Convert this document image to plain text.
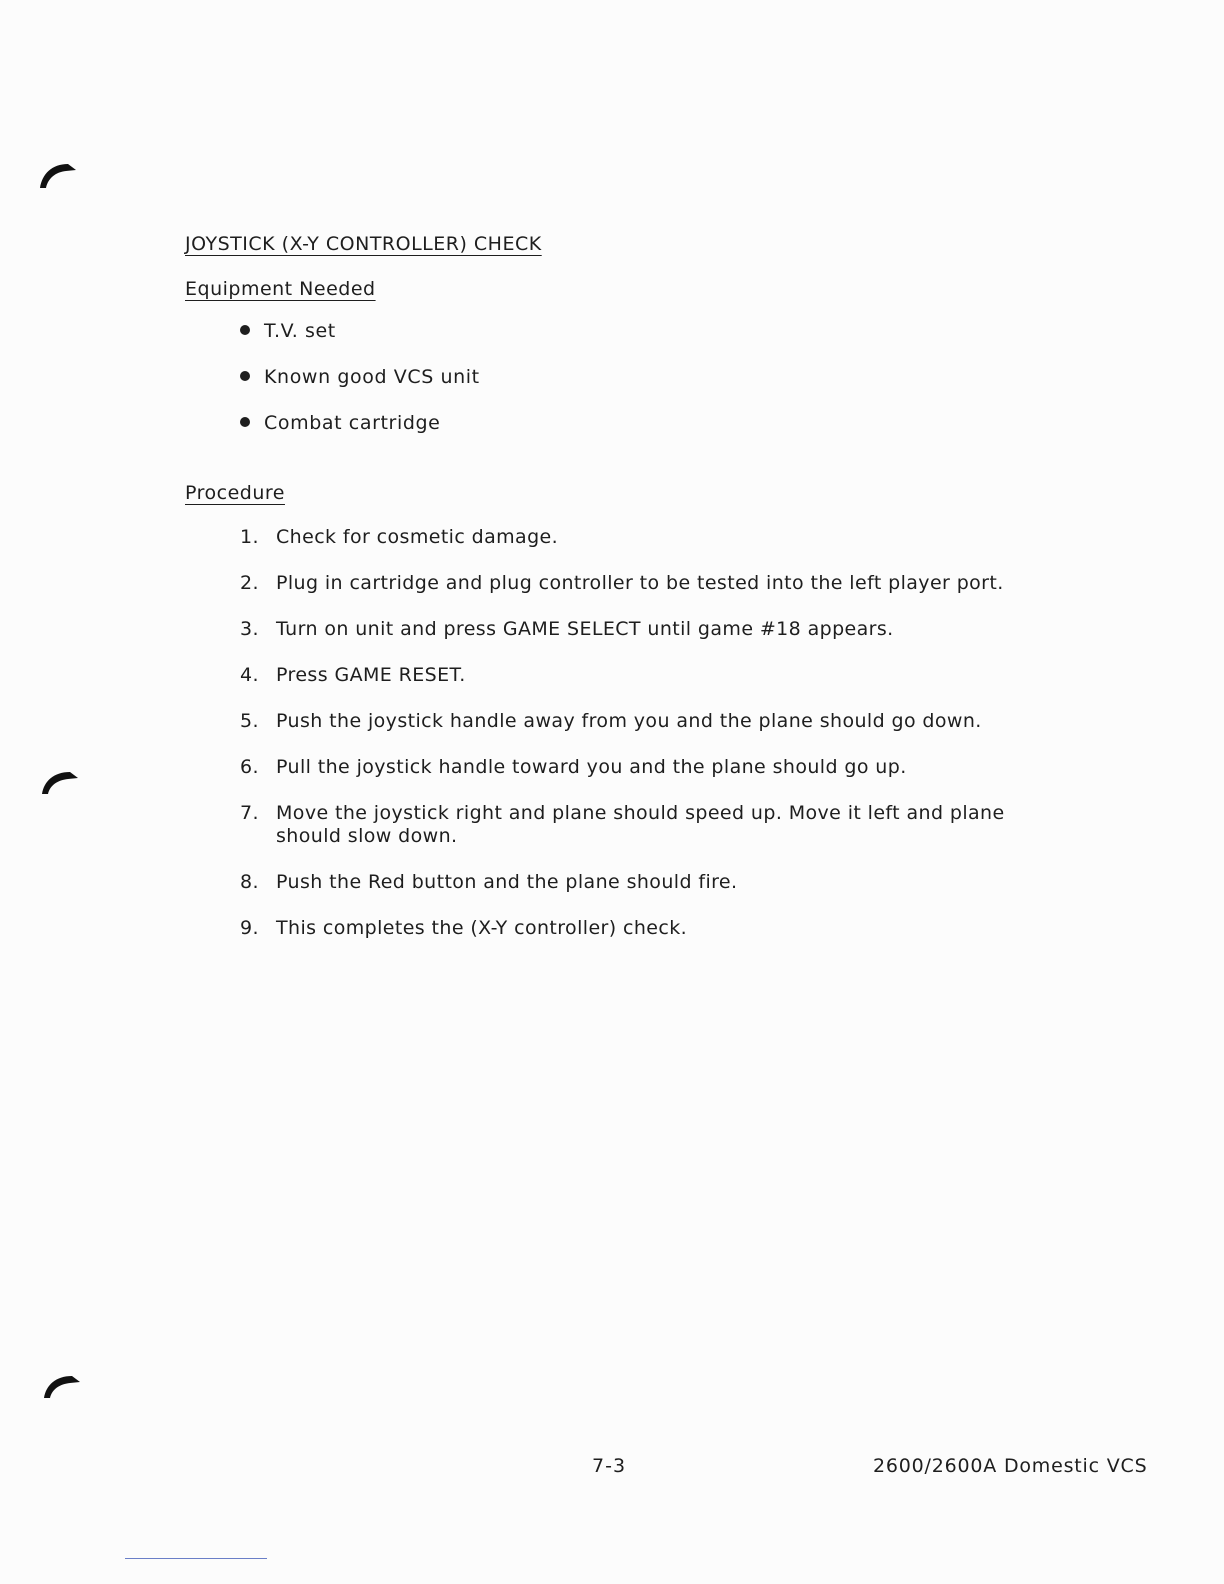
JOYSTICK (X-Y CONTROLLER) CHECK
Equipment Needed
T.V. set
Known good VCS unit
Combat cartridge
Procedure
1. Check for cosmetic damage.
2. Plug in cartridge and plug controller to be tested into the left player port.
3. Turn on unit and press GAME SELECT until game #18 appears.
4. Press GAME RESET.
5. Push the joystick handle away from you and the plane should go down.
6. Pull the joystick handle toward you and the plane should go up.
7. Move the joystick right and plane should speed up. Move it left and plane should slow down.
8. Push the Red button and the plane should fire.
9. This completes the (X-Y controller) check.
7-3	2600/2600A Domestic VCS
